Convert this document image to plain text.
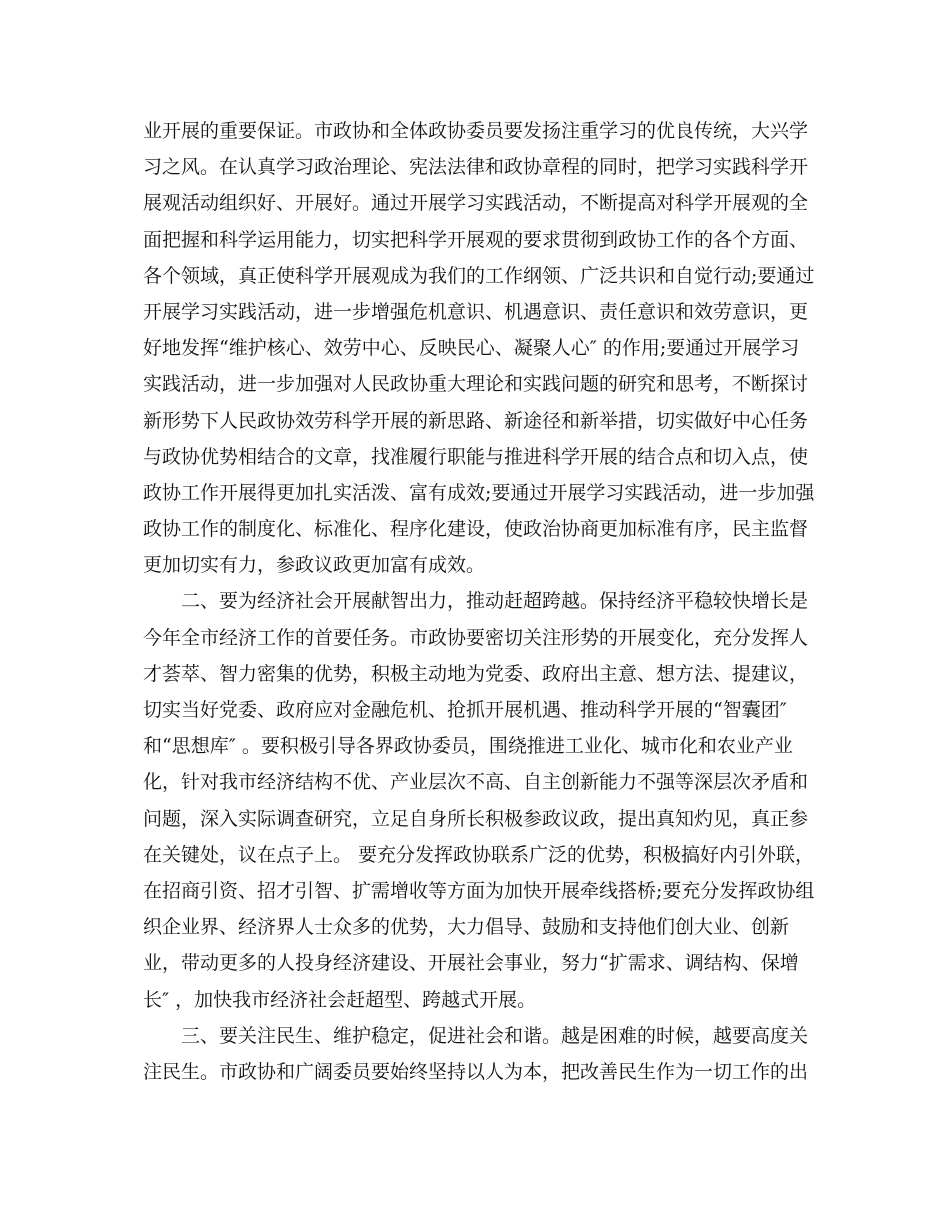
业开展的重要保证。市政协和全体政协委员要发扬注重学习的优良传统，大兴学
习之风。在认真学习政治理论、宪法法律和政协章程的同时，把学习实践科学开
展观活动组织好、开展好。通过开展学习实践活动，不断提高对科学开展观的全
面把握和科学运用能力，切实把科学开展观的要求贯彻到政协工作的各个方面、
各个领域，真正使科学开展观成为我们的工作纲领、广泛共识和自觉行动;要通过
开展学习实践活动，进一步增强危机意识、机遇意识、责任意识和效劳意识，更
好地发挥“维护核心、效劳中心、反映民心、凝聚人心″ 的作用;要通过开展学习
实践活动，进一步加强对人民政协重大理论和实践问题的研究和思考，不断探讨
新形势下人民政协效劳科学开展的新思路、新途径和新举措，切实做好中心任务
与政协优势相结合的文章，找准履行职能与推进科学开展的结合点和切入点，使
政协工作开展得更加扎实活泼、富有成效;要通过开展学习实践活动，进一步加强
政协工作的制度化、标准化、程序化建设，使政治协商更加标准有序，民主监督
更加切实有力，参政议政更加富有成效。
二、要为经济社会开展献智出力，推动赶超跨越。保持经济平稳较快增长是
今年全市经济工作的首要任务。市政协要密切关注形势的开展变化，充分发挥人
才荟萃、智力密集的优势，积极主动地为党委、政府出主意、想方法、提建议，
切实当好党委、政府应对金融危机、抢抓开展机遇、推动科学开展的“智囊团″
和“思想库″ 。要积极引导各界政协委员，围绕推进工业化、城市化和农业产业
化，针对我市经济结构不优、产业层次不高、自主创新能力不强等深层次矛盾和
问题，深入实际调查研究，立足自身所长积极参政议政，提出真知灼见，真正参
在关键处，议在点子上。 要充分发挥政协联系广泛的优势，积极搞好内引外联，
在招商引资、招才引智、扩需增收等方面为加快开展牵线搭桥;要充分发挥政协组
织企业界、经济界人士众多的优势，大力倡导、鼓励和支持他们创大业、创新
业，带动更多的人投身经济建设、开展社会事业，努力“扩需求、调结构、保增
长″ ，加快我市经济社会赶超型、跨越式开展。
三、要关注民生、维护稳定，促进社会和谐。越是困难的时候，越要高度关
注民生。市政协和广阔委员要始终坚持以人为本，把改善民生作为一切工作的出
